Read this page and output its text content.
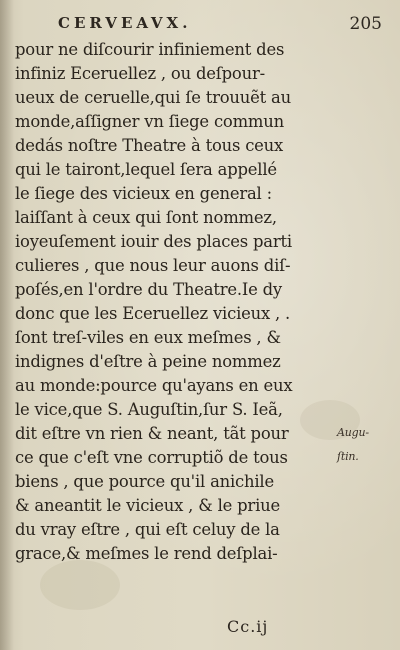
CERVEAVX.	205
pour ne diſcourir infiniement des
infiniz Eceruellez , ou deſpour-
ueux de ceruelle,qui ſe trouuẽt au
monde,aſſigner vn ſiege commun
dedás noſtre Theatre à tous ceux
qui le tairont,lequel ſera appellé
le ſiege des vicieux en general :
laiſſant à ceux qui ſont nommez,
ioyeuſement iouir des places parti
culieres , que nous leur auons diſ-
poſés,en l'ordre du Theatre.Ie dy
donc que les Eceruellez vicieux , .
ſont treſ-viles en eux meſmes , &
indignes d'eſtre à peine nommez
au monde:pource qu'ayans en eux
le vice,que S. Auguſtin,ſur S. Ieã,
dit eſtre vn rien & neant, tãt pour	Augu-
ce que c'eſt vne corruptiõ de tous	ſtin.
biens , que pource qu'il anichile
& aneantit le vicieux , & le priue
du vray eſtre , qui eſt celuy de la
grace,& meſmes le rend deſplai-
Cc.ij
